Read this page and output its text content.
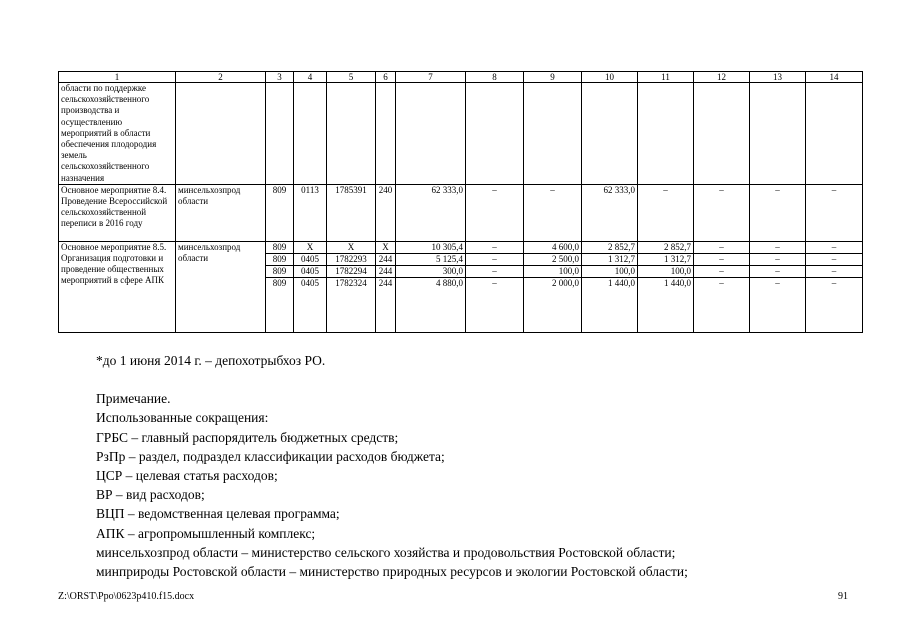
1	2	3	4	5	6	7	8	9	10	11	12	13	14
области по поддержке сельскохозяйственного производства и осуществлению мероприятий в области обеспечения плодородия земель сельскохозяйственного назначения													
Основное мероприятие 8.4. Проведение Всероссийской сельскохозяйственной переписи в 2016 году	минсельхозпрод области	809	0113	1785391	240	62 333,0	–	–	62 333,0	–	–	–	–
Основное мероприятие 8.5. Организация подготовки и проведение общественных мероприятий в сфере АПК	минсельхозпрод области	809	Х	Х	Х	10 305,4	–	4 600,0	2 852,7	2 852,7	–	–	–
		809	0405	1782293	244	5 125,4	–	2 500,0	1 312,7	1 312,7	–	–	–
		809	0405	1782294	244	300,0	–	100,0	100,0	100,0	–	–	–
		809	0405	1782324	244	4 880,0	–	2 000,0	1 440,0	1 440,0	–	–	–
*до 1 июня 2014 г. – депохотрыбхоз РО.
Примечание.
Использованные сокращения:
ГРБС – главный распорядитель бюджетных средств;
РзПр – раздел, подраздел классификации расходов бюджета;
ЦСР – целевая статья расходов;
ВР – вид расходов;
ВЦП – ведомственная целевая программа;
АПК – агропромышленный комплекс;
минсельхозпрод области – министерство сельского хозяйства и продовольствия Ростовской области;
минприроды Ростовской области – министерство природных ресурсов и экологии Ростовской области;
Z:\ORST\Ppo\0623p410.f15.docx	91
